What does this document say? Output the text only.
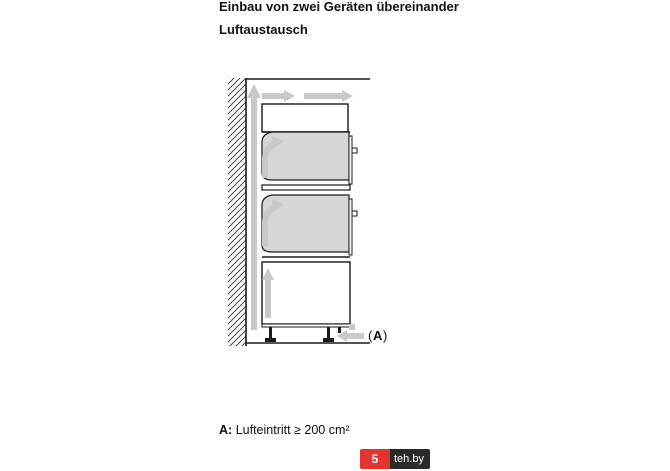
Einbau von zwei Geräten übereinander

Luftaustausch

( A )

A: Lufteintritt ≥ 200 cm²

5	teh.by
